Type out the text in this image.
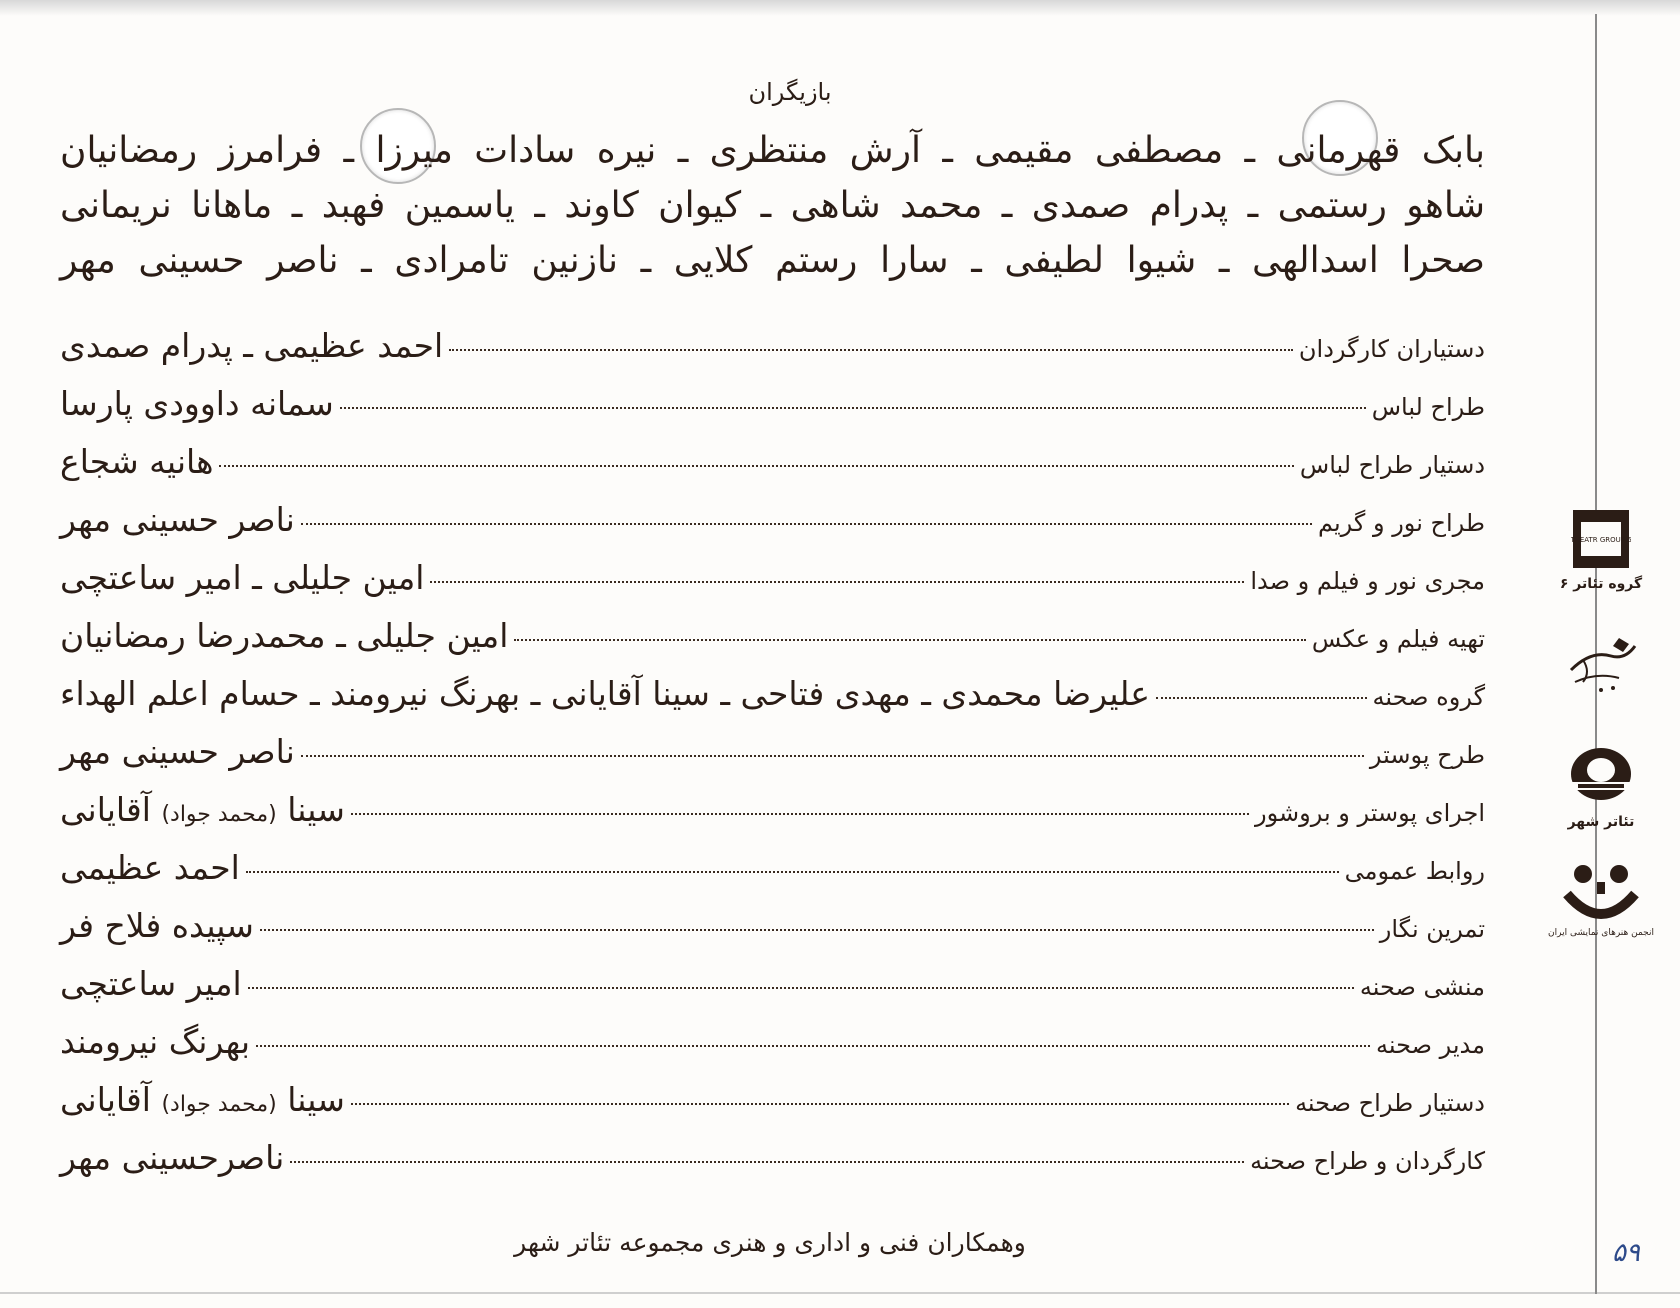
بازیگران
بابک قهرمانی ـ مصطفی مقیمی ـ آرش منتظری ـ نیره سادات میرزا ـ فرامرز رمضانیان
شاهو رستمی ـ پدرام صمدی ـ محمد شاهی ـ کیوان کاوند ـ یاسمین فهبد ـ ماهانا نریمانی
صحرا اسدالهی ـ شیوا لطیفی ـ سارا رستم کلایی ـ نازنین تامرادی ـ ناصر حسینی مهر
دستیاران کارگردان
احمد عظیمی ـ پدرام صمدی
طراح لباس
سمانه داوودی پارسا
دستیار طراح لباس
هانیه شجاع
طراح نور و گریم
ناصر حسینی مهر
مجری نور و فیلم و صدا
امین جلیلی ـ امیر ساعتچی
تهیه فیلم و عکس
امین جلیلی ـ محمدرضا رمضانیان
گروه صحنه
علیرضا محمدی ـ مهدی فتاحی ـ سینا آقایانی ـ بهرنگ نیرومند ـ حسام اعلم الهداء
طرح پوستر
ناصر حسینی مهر
اجرای پوستر و بروشور
سینا (محمد جواد) آقایانی
روابط عمومی
احمد عظیمی
تمرین نگار
سپیده فلاح فر
منشی صحنه
امیر ساعتچی
مدیر صحنه
بهرنگ نیرومند
دستیار طراح صحنه
سینا (محمد جواد) آقایانی
کارگردان و طراح صحنه
ناصرحسینی مهر
وهمکاران فنی و اداری و هنری مجموعه تئاتر شهر
THEATR GROUP 6
گروه تئاتر ۶
تئاتر شهر
انجمن هنرهای نمایشی ایران
۵۹
